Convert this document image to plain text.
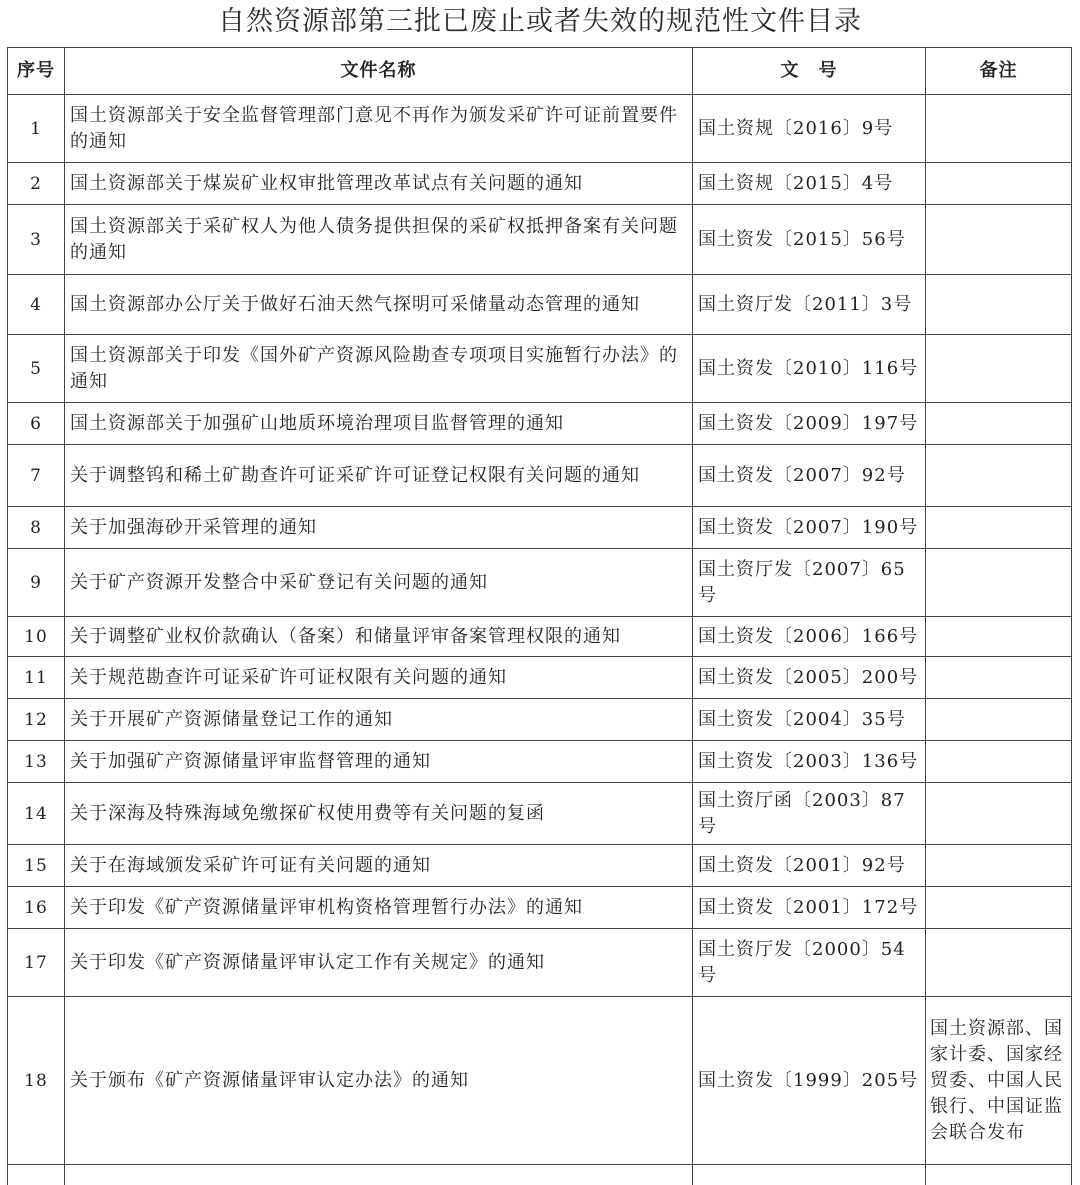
自然资源部第三批已废止或者失效的规范性文件目录
序号	文件名称	文　号	备注
1	国土资源部关于安全监督管理部门意见不再作为颁发采矿许可证前置要件的通知	国土资规〔2016〕9号	
2	国土资源部关于煤炭矿业权审批管理改革试点有关问题的通知	国土资规〔2015〕4号	
3	国土资源部关于采矿权人为他人债务提供担保的采矿权抵押备案有关问题的通知	国土资发〔2015〕56号	
4	国土资源部办公厅关于做好石油天然气探明可采储量动态管理的通知	国土资厅发〔2011〕3号	
5	国土资源部关于印发《国外矿产资源风险勘查专项项目实施暂行办法》的通知	国土资发〔2010〕116号	
6	国土资源部关于加强矿山地质环境治理项目监督管理的通知	国土资发〔2009〕197号	
7	关于调整钨和稀土矿勘查许可证采矿许可证登记权限有关问题的通知	国土资发〔2007〕92号	
8	关于加强海砂开采管理的通知	国土资发〔2007〕190号	
9	关于矿产资源开发整合中采矿登记有关问题的通知	国土资厅发〔2007〕65号	
10	关于调整矿业权价款确认（备案）和储量评审备案管理权限的通知	国土资发〔2006〕166号	
11	关于规范勘查许可证采矿许可证权限有关问题的通知	国土资发〔2005〕200号	
12	关于开展矿产资源储量登记工作的通知	国土资发〔2004〕35号	
13	关于加强矿产资源储量评审监督管理的通知	国土资发〔2003〕136号	
14	关于深海及特殊海域免缴探矿权使用费等有关问题的复函	国土资厅函〔2003〕87号	
15	关于在海域颁发采矿许可证有关问题的通知	国土资发〔2001〕92号	
16	关于印发《矿产资源储量评审机构资格管理暂行办法》的通知	国土资发〔2001〕172号	
17	关于印发《矿产资源储量评审认定工作有关规定》的通知	国土资厅发〔2000〕54号	
18	关于颁布《矿产资源储量评审认定办法》的通知	国土资发〔1999〕205号	国土资源部、国家计委、国家经贸委、中国人民银行、中国证监会联合发布
